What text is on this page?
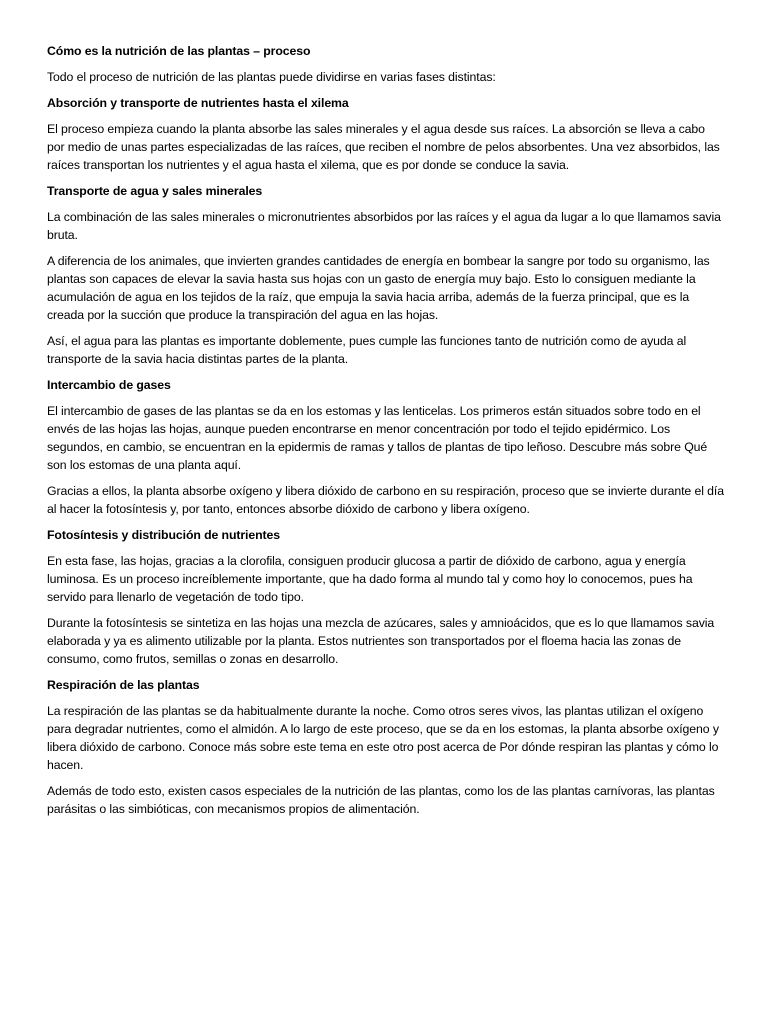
Cómo es la nutrición de las plantas – proceso

Todo el proceso de nutrición de las plantas puede dividirse en varias fases distintas:

Absorción y transporte de nutrientes hasta el xilema

El proceso empieza cuando la planta absorbe las sales minerales y el agua desde sus raíces. La absorción se lleva a cabo por medio de unas partes especializadas de las raíces, que reciben el nombre de pelos absorbentes. Una vez absorbidos, las raíces transportan los nutrientes y el agua hasta el xilema, que es por donde se conduce la savia.

Transporte de agua y sales minerales

La combinación de las sales minerales o micronutrientes absorbidos por las raíces y el agua da lugar a lo que llamamos savia bruta.

A diferencia de los animales, que invierten grandes cantidades de energía en bombear la sangre por todo su organismo, las plantas son capaces de elevar la savia hasta sus hojas con un gasto de energía muy bajo. Esto lo consiguen mediante la acumulación de agua en los tejidos de la raíz, que empuja la savia hacia arriba, además de la fuerza principal, que es la creada por la succión que produce la transpiración del agua en las hojas.

Así, el agua para las plantas es importante doblemente, pues cumple las funciones tanto de nutrición como de ayuda al transporte de la savia hacia distintas partes de la planta.

Intercambio de gases

El intercambio de gases de las plantas se da en los estomas y las lenticelas. Los primeros están situados sobre todo en el envés de las hojas las hojas, aunque pueden encontrarse en menor concentración por todo el tejido epidérmico. Los segundos, en cambio, se encuentran en la epidermis de ramas y tallos de plantas de tipo leñoso. Descubre más sobre Qué son los estomas de una planta aquí.

Gracias a ellos, la planta absorbe oxígeno y libera dióxido de carbono en su respiración, proceso que se invierte durante el día al hacer la fotosíntesis y, por tanto, entonces absorbe dióxido de carbono y libera oxígeno.

Fotosíntesis y distribución de nutrientes

En esta fase, las hojas, gracias a la clorofila, consiguen producir glucosa a partir de dióxido de carbono, agua y energía luminosa. Es un proceso increíblemente importante, que ha dado forma al mundo tal y como hoy lo conocemos, pues ha servido para llenarlo de vegetación de todo tipo.

Durante la fotosíntesis se sintetiza en las hojas una mezcla de azúcares, sales y amnioácidos, que es lo que llamamos savia elaborada y ya es alimento utilizable por la planta. Estos nutrientes son transportados por el floema hacia las zonas de consumo, como frutos, semillas o zonas en desarrollo.

Respiración de las plantas

La respiración de las plantas se da habitualmente durante la noche. Como otros seres vivos, las plantas utilizan el oxígeno para degradar nutrientes, como el almidón. A lo largo de este proceso, que se da en los estomas, la planta absorbe oxígeno y libera dióxido de carbono. Conoce más sobre este tema en este otro post acerca de Por dónde respiran las plantas y cómo lo hacen.

Además de todo esto, existen casos especiales de la nutrición de las plantas, como los de las plantas carnívoras, las plantas parásitas o las simbióticas, con mecanismos propios de alimentación.
